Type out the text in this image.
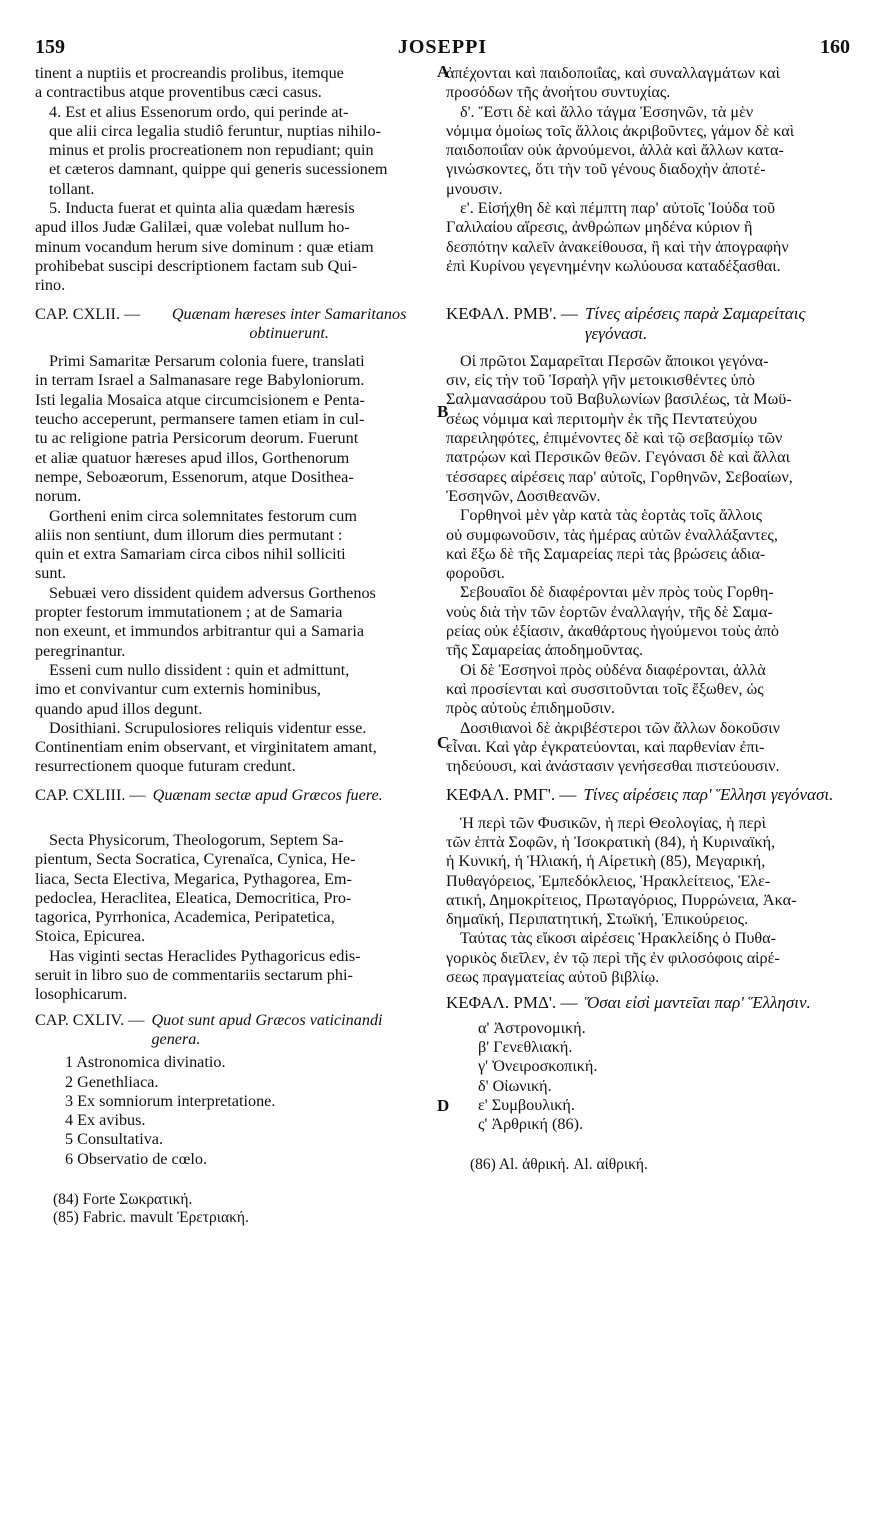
159	JOSEPPI	160
A
B
C
D

tinent a nuptiis et procreandis prolibus, itemque
a contractibus atque proventibus cæci casus.

4. Est et alius Essenorum ordo, qui perinde at-
que alii circa legalia studiô feruntur, nuptias nihilo-
minus et prolis procreationem non repudiant; quin
et cæteros damnant, quippe qui generis sucessionem
tollant.

5. Inducta fuerat et quinta alia quædam hæresis
apud illos Judæ Galilæi, quæ volebat nullum ho-
minum vocandum herum sive dominum : quæ etiam
prohibebat suscipi descriptionem factam sub Qui-
rino.

CAP. CXLII. —	Quænam hæreses inter Samaritanos obtinuerunt.

Primi Samaritæ Persarum colonia fuere, translati
in terram Israel a Salmanasare rege Babyloniorum.
Isti legalia Mosaica atque circumcisionem e Penta-
teucho acceperunt, permansere tamen etiam in cul-
tu ac religione patria Persicorum deorum. Fuerunt
et aliæ quatuor hæreses apud illos, Gorthenorum
nempe, Seboæorum, Essenorum, atque Dosithea-
norum.

Gortheni enim circa solemnitates festorum cum
aliis non sentiunt, dum illorum dies permutant :
quin et extra Samariam circa cibos nihil solliciti
sunt.

Sebuæi vero dissident quidem adversus Gorthenos
propter festorum immutationem ; at de Samaria
non exeunt, et immundos arbitrantur qui a Samaria
peregrinantur.

Esseni cum nullo dissident : quin et admittunt,
imo et convivantur cum externis hominibus,
quando apud illos degunt.

Dosithiani. Scrupulosiores reliquis videntur esse.
Continentiam enim observant, et virginitatem amant,
resurrectionem quoque futuram credunt.

CAP. CXLIII. — Quænam sectæ apud Græcos fuere.

Secta Physicorum, Theologorum, Septem Sa-
pientum, Secta Socratica, Cyrenaïca, Cynica, He-
liaca, Secta Electiva, Megarica, Pythagorea, Em-
pedoclea, Heraclitea, Eleatica, Democritica, Pro-
tagorica, Pyrrhonica, Academica, Peripatetica,
Stoica, Epicurea.

Has viginti sectas Heraclides Pythagoricus edis-
seruit in libro suo de commentariis sectarum phi-
losophicarum.

CAP. CXLIV. — Quot sunt apud Græcos vaticinandi genera.
1 Astronomica divinatio.
2 Genethliaca.
3 Ex somniorum interpretatione.
4 Ex avibus.
5 Consultativa.
6 Observatio de cœlo.
(84) Forte Σωκρατική.
(85) Fabric. mavult Ἐρετριακή.

ἀπέχονται καὶ παιδοποιΐας, καὶ συναλλαγμάτων καὶ
προσόδων τῆς ἀνοήτου συντυχίας.

δ'. Ἔστι δὲ καὶ ἄλλο τάγμα Ἐσσηνῶν, τὰ μὲν
νόμιμα ὁμοίως τοῖς ἄλλοις ἀκριβοῦντες, γάμον δὲ καὶ
παιδοποιΐαν οὐκ ἀρνούμενοι, ἀλλὰ καὶ ἄλλων κατα-
γινώσκοντες, ὅτι τὴν τοῦ γένους διαδοχὴν ἀποτέ-
μνουσιν.

ε'. Εἰσήχθη δὲ καὶ πέμπτη παρ' αὐτοῖς Ἰούδα τοῦ
Γαλιλαίου αἵρεσις, ἀνθρώπων μηδένα κύριον ἢ
δεσπότην καλεῖν ἀνακείθουσα, ἢ καὶ τὴν ἀπογραφὴν
ἐπὶ Κυρίνου γεγενημένην κωλύουσα καταδέξασθαι.

ΚΕΦΑΛ. ΡΜΒ'. — Τίνες αἱρέσεις παρὰ Σαμαρείταις γεγόνασι.

Οἱ πρῶτοι Σαμαρεῖται Περσῶν ἄποικοι γεγόνα-
σιν, εἰς τὴν τοῦ Ἰσραὴλ γῆν μετοικισθέντες ὑπὸ
Σαλμανασάρου τοῦ Βαβυλωνίων βασιλέως, τὰ Μωϋ-
σέως νόμιμα καὶ περιτομὴν ἐκ τῆς Πεντατεύχου
παρειληφότες, ἐπιμένοντες δὲ καὶ τῷ σεβασμίῳ τῶν
πατρῴων καὶ Περσικῶν θεῶν. Γεγόνασι δὲ καὶ ἄλλαι
τέσσαρες αἱρέσεις παρ' αὐτοῖς, Γορθηνῶν, Σεβοαίων,
Ἐσσηνῶν, Δοσιθεανῶν.

Γορθηνοὶ μὲν γὰρ κατὰ τὰς ἑορτὰς τοῖς ἄλλοις
οὐ συμφωνοῦσιν, τὰς ἡμέρας αὐτῶν ἐναλλάξαντες,
καὶ ἔξω δὲ τῆς Σαμαρείας περὶ τὰς βρώσεις ἀδια-
φοροῦσι.

Σεβουαῖοι δὲ διαφέρονται μὲν πρὸς τοὺς Γορθη-
νοὺς διὰ τὴν τῶν ἑορτῶν ἐναλλαγήν, τῆς δὲ Σαμα-
ρείας οὐκ ἐξίασιν, ἀκαθάρτους ἡγούμενοι τοὺς ἀπὸ
τῆς Σαμαρείας ἀποδημοῦντας.

Οἱ δὲ Ἐσσηνοὶ πρὸς οὐδένα διαφέρονται, ἀλλὰ
καὶ προσίενται καὶ συσσιτοῦνται τοῖς ἔξωθεν, ὡς
πρὸς αὐτοὺς ἐπιδημοῦσιν.

Δοσιθιανοὶ δὲ ἀκριβέστεροι τῶν ἄλλων δοκοῦσιν
εἶναι. Καὶ γὰρ ἐγκρατεύονται, καὶ παρθενίαν ἐπι-
τηδεύουσι, καὶ ἀνάστασιν γενήσεσθαι πιστεύουσιν.

ΚΕΦΑΛ. ΡΜΓ'. — Τίνες αἱρέσεις παρ' Ἕλλησι γεγόνασι.

Ἡ περὶ τῶν Φυσικῶν, ἡ περὶ Θεολογίας, ἡ περὶ
τῶν ἑπτὰ Σοφῶν, ἡ Ἰσοκρατικὴ (84), ἡ Κυριναϊκή,
ἡ Κυνική, ἡ Ἡλιακή, ἡ Αἱρετικὴ (85), Μεγαρική,
Πυθαγόρειος, Ἐμπεδόκλειος, Ἡρακλείτειος, Ἐλε-
ατική, Δημοκρίτειος, Πρωταγόριος, Πυρρώνεια, Ἀκα-
δημαϊκή, Περιπατητική, Στωϊκή, Ἐπικούρειος.

Ταύτας τὰς εἴκοσι αἱρέσεις Ἡρακλείδης ὁ Πυθα-
γορικὸς διεῖλεν, ἐν τῷ περὶ τῆς ἐν φιλοσόφοις αἱρέ-
σεως πραγματείας αὐτοῦ βιβλίῳ.

ΚΕΦΑΛ. ΡΜΔ'. — Ὅσαι εἰσὶ μαντεῖαι παρ' Ἕλλησιν.
α' Ἀστρονομική.
β' Γενεθλιακή.
γ' Ὀνειροσκοπική.
δ' Οἰωνική.
ε' Συμβουλική.
ς' Ἀρθρική (86).
(86) Al. ἀθρική. Al. αἰθρική.
